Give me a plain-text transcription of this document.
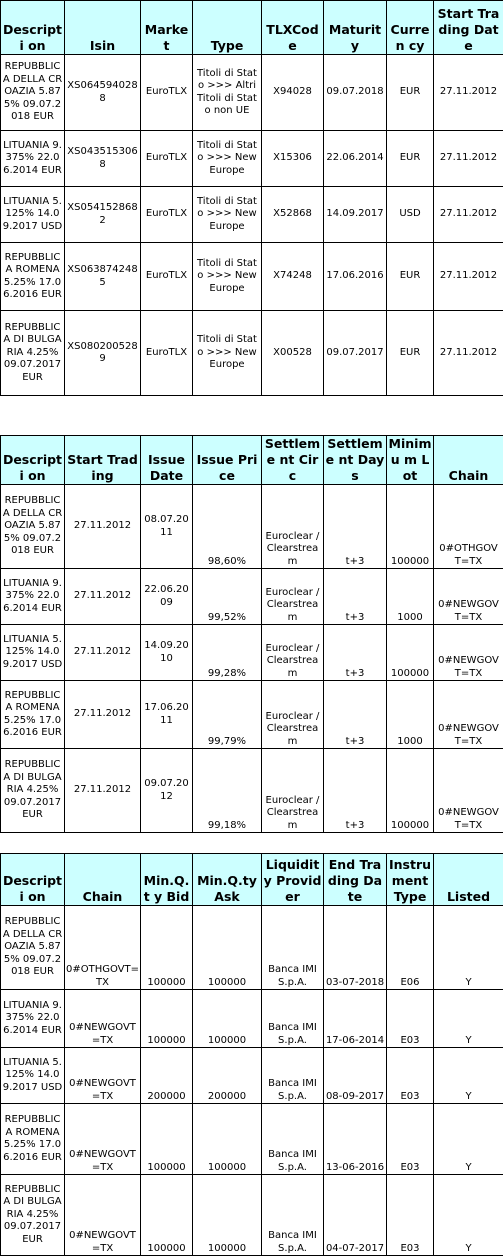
Descripti on	Isin	Market	Type	TLXCode	Maturity	Curren cy	Start Trading Date
REPUBBLIC A DELLA CROAZIA 5.875% 09.07.2018 EUR	XS064594028 8	EuroTLX	Titoli di Stato >>> Altri Titoli di Stato non UE	X94028	09.07.2018	EUR	27.11.2012
LITUANIA 9.375% 22.06.2014 EUR	XS043515306 8	EuroTLX	Titoli di Stato >>> New Europe	X15306	22.06.2014	EUR	27.11.2012
LITUANIA 5.125% 14.09.2017 USD	XS054152868 2	EuroTLX	Titoli di Stato >>> New Europe	X52868	14.09.2017	USD	27.11.2012
REPUBBLIC A ROMENA 5.25% 17.06.2016 EUR	XS063874248 5	EuroTLX	Titoli di Stato >>> New Europe	X74248	17.06.2016	EUR	27.11.2012
REPUBBLIC A DI BULGARIA 4.25% 09.07.2017 EUR	XS080200528 9	EuroTLX	Titoli di Stato >>> New Europe	X00528	09.07.2017	EUR	27.11.2012
Descripti on	Start Trading	Issue Date	Issue Price	Settleme nt Circ	Settleme nt Days	Minimu m Lot	Chain
REPUBBLIC A DELLA CROAZIA 5.875% 09.07.2018 EUR	27.11.2012	08.07.20 11	98,60%	Euroclear / Clearstream	t+3	100000	0#OTHGOV T=TX
LITUANIA 9.375% 22.06.2014 EUR	27.11.2012	22.06.20 09	99,52%	Euroclear / Clearstream	t+3	1000	0#NEWGOV T=TX
LITUANIA 5.125% 14.09.2017 USD	27.11.2012	14.09.20 10	99,28%	Euroclear / Clearstream	t+3	100000	0#NEWGOV T=TX
REPUBBLIC A ROMENA 5.25% 17.06.2016 EUR	27.11.2012	17.06.20 11	99,79%	Euroclear / Clearstream	t+3	1000	0#NEWGOV T=TX
REPUBBLIC A DI BULGARIA 4.25% 09.07.2017 EUR	27.11.2012	09.07.20 12	99,18%	Euroclear / Clearstream	t+3	100000	0#NEWGOV T=TX
Descripti on	Chain	Min.Q.t y Bid	Min.Q.ty Ask	Liquidity Provider	End Trading Date	Instru ment Type	Listed
REPUBBLIC A DELLA CROAZIA 5.875% 09.07.2018 EUR	0#OTHGOVT= TX	100000	100000	Banca IMI S.p.A.	03-07-2018	E06	Y
LITUANIA 9.375% 22.06.2014 EUR	0#NEWGOVT =TX	100000	100000	Banca IMI S.p.A.	17-06-2014	E03	Y
LITUANIA 5.125% 14.09.2017 USD	0#NEWGOVT =TX	200000	200000	Banca IMI S.p.A.	08-09-2017	E03	Y
REPUBBLIC A ROMENA 5.25% 17.06.2016 EUR	0#NEWGOVT =TX	100000	100000	Banca IMI S.p.A.	13-06-2016	E03	Y
REPUBBLIC A DI BULGARIA 4.25% 09.07.2017 EUR	0#NEWGOVT =TX	100000	100000	Banca IMI S.p.A.	04-07-2017	E03	Y
